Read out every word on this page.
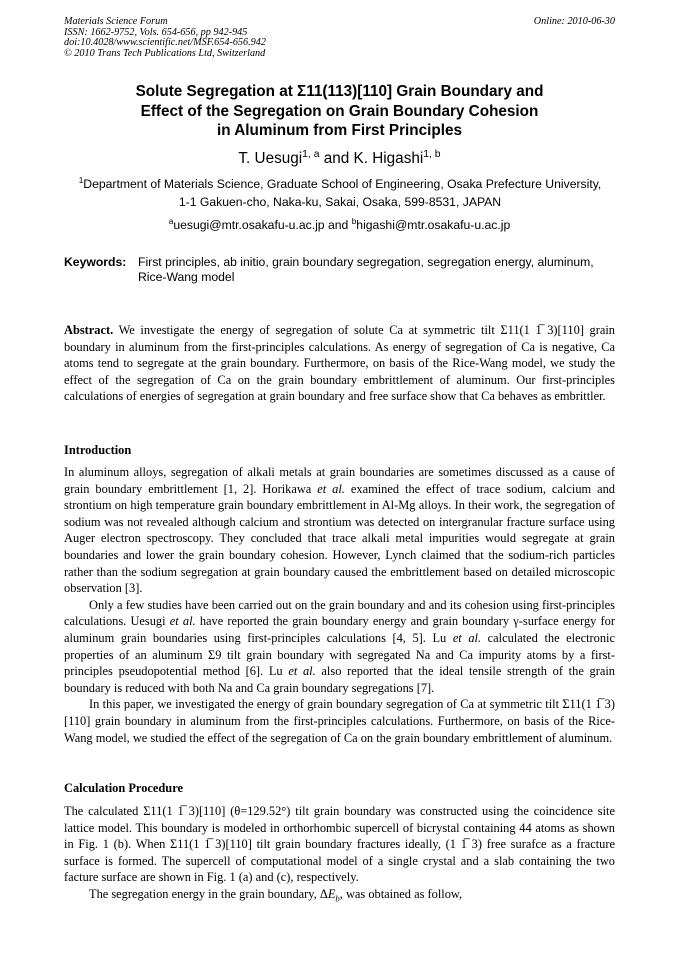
Materials Science Forum
ISSN: 1662-9752, Vols. 654-656, pp 942-945
doi:10.4028/www.scientific.net/MSF.654-656.942
© 2010 Trans Tech Publications Ltd, Switzerland
Online: 2010-06-30
Solute Segregation at Σ11(113)[110] Grain Boundary and
Effect of the Segregation on Grain Boundary Cohesion
in Aluminum from First Principles
T. Uesugi$^{1, a}$ and K. Higashi$^{1, b}$
$^1$Department of Materials Science, Graduate School of Engineering, Osaka Prefecture University,
1-1 Gakuen-cho, Naka-ku, Sakai, Osaka, 599-8531, JAPAN
$^a$uesugi@mtr.osakafu-u.ac.jp and $^b$higashi@mtr.osakafu-u.ac.jp
Keywords: First principles, ab initio, grain boundary segregation, segregation energy, aluminum, Rice-Wang model

Abstract. We investigate the energy of segregation of solute Ca at symmetric tilt Σ11(1 1̅ 3)[110] grain boundary in aluminum from the first-principles calculations. As energy of segregation of Ca is negative, Ca atoms tend to segregate at the grain boundary. Furthermore, on basis of the Rice-Wang model, we study the effect of the segregation of Ca on the grain boundary embrittlement of aluminum. Our first-principles calculations of energies of segregation at grain boundary and free surface show that Ca behaves as embrittler.

Introduction

In aluminum alloys, segregation of alkali metals at grain boundaries are sometimes discussed as a cause of grain boundary embrittlement [1, 2]. Horikawa et al. examined the effect of trace sodium, calcium and strontium on high temperature grain boundary embrittlement in Al-Mg alloys. In their work, the segregation of sodium was not revealed although calcium and strontium was detected on intergranular fracture surface using Auger electron spectroscopy. They concluded that trace alkali metal impurities would segregate at grain boundaries and lower the grain boundary cohesion. However, Lynch claimed that the sodium-rich particles rather than the sodium segregation at grain boundary caused the embrittlement based on detailed microscopic observation [3].

Only a few studies have been carried out on the grain boundary and and its cohesion using first-principles calculations. Uesugi et al. have reported the grain boundary energy and grain boundary γ-surface energy for aluminum grain boundaries using first-principles calculations [4, 5]. Lu et al. calculated the electronic properties of an aluminum Σ9 tilt grain boundary with segregated Na and Ca impurity atoms by a first-principles pseudopotential method [6]. Lu et al. also reported that the ideal tensile strength of the grain boundary is reduced with both Na and Ca grain boundary segregations [7].

In this paper, we investigated the energy of grain boundary segregation of Ca at symmetric tilt Σ11(1 1̅ 3)[110] grain boundary in aluminum from the first-principles calculations. Furthermore, on basis of the Rice-Wang model, we studied the effect of the segregation of Ca on the grain boundary embrittlement of aluminum.

Calculation Procedure

The calculated Σ11(1 1̅ 3)[110] (θ=129.52°) tilt grain boundary was constructed using the coincidence site lattice model. This boundary is modeled in orthorhombic supercell of bicrystal containing 44 atoms as shown in Fig. 1 (b). When Σ11(1 1̅ 3)[110] tilt grain boundary fractures ideally, (1 1̅ 3) free surafce as a fracture surface is formed. The supercell of computational model of a single crystal and a slab containing the two facture surface are shown in Fig. 1 (a) and (c), respectively.

The segregation energy in the grain boundary, $\Delta E_b$, was obtained as follow,
